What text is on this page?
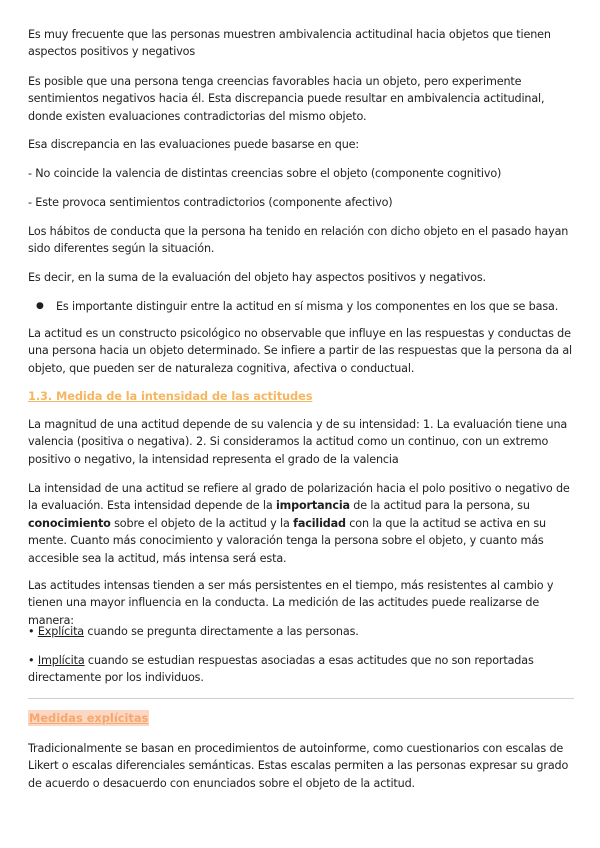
Es muy frecuente que las personas muestren ambivalencia actitudinal hacia objetos que tienen aspectos positivos y negativos

Es posible que una persona tenga creencias favorables hacia un objeto, pero experimente sentimientos negativos hacia él. Esta discrepancia puede resultar en ambivalencia actitudinal, donde existen evaluaciones contradictorias del mismo objeto.

Esa discrepancia en las evaluaciones puede basarse en que:

- No coincide la valencia de distintas creencias sobre el objeto (componente cognitivo)

- Este provoca sentimientos contradictorios (componente afectivo)

Los hábitos de conducta que la persona ha tenido en relación con dicho objeto en el pasado hayan sido diferentes según la situación.

Es decir, en la suma de la evaluación del objeto hay aspectos positivos y negativos.

●	Es importante distinguir entre la actitud en sí misma y los componentes en los que se basa.

La actitud es un constructo psicológico no observable que influye en las respuestas y conductas de una persona hacia un objeto determinado. Se infiere a partir de las respuestas que la persona da al objeto, que pueden ser de naturaleza cognitiva, afectiva o conductual.

1.3. Medida de la intensidad de las actitudes

La magnitud de una actitud depende de su valencia y de su intensidad: 1. La evaluación tiene una valencia (positiva o negativa). 2. Si consideramos la actitud como un continuo, con un extremo positivo o negativo, la intensidad representa el grado de la valencia

La intensidad de una actitud se refiere al grado de polarización hacia el polo positivo o negativo de la evaluación. Esta intensidad depende de la importancia de la actitud para la persona, su conocimiento sobre el objeto de la actitud y la facilidad con la que la actitud se activa en su mente. Cuanto más conocimiento y valoración tenga la persona sobre el objeto, y cuanto más accesible sea la actitud, más intensa será esta.

Las actitudes intensas tienden a ser más persistentes en el tiempo, más resistentes al cambio y tienen una mayor influencia en la conducta. La medición de las actitudes puede realizarse de manera:

• Explícita cuando se pregunta directamente a las personas.

• Implícita cuando se estudian respuestas asociadas a esas actitudes que no son reportadas directamente por los individuos.

Medidas explícitas

Tradicionalmente se basan en procedimientos de autoinforme, como cuestionarios con escalas de Likert o escalas diferenciales semánticas. Estas escalas permiten a las personas expresar su grado de acuerdo o desacuerdo con enunciados sobre el objeto de la actitud.
